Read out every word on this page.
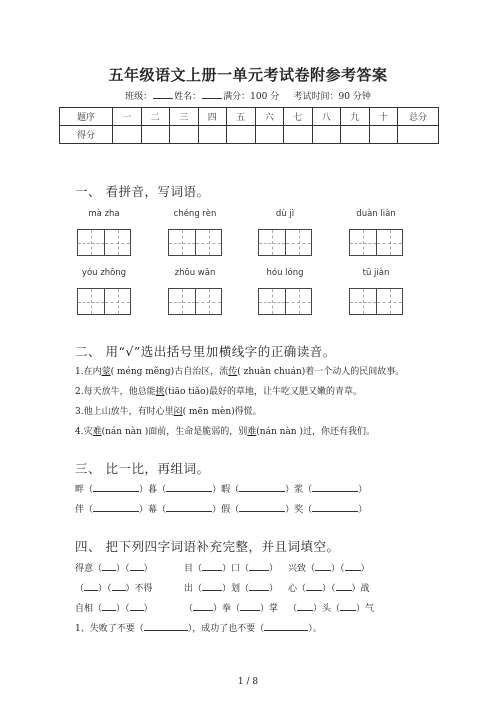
五年级语文上册一单元考试卷附参考答案
班级： 姓名： 满分：100 分 考试时间：90 分钟
题序	一	二	三	四	五	六	七	八	九	十	总分
得分											
一、 看拼音，写词语。
mà zha	chéng rèn	dù jì	duàn liàn
yóu zhōng	zhǒu wǎn	hóu lóng	tū jiàn
二、 用“√”选出括号里加横线字的正确读音。
1.在内蒙( méng měng)古自治区，流传( zhuàn chuán)着一个动人的民间故事。
2.每天放牛，他总能挑(tiāo tiǎo)最好的草地，让牛吃又肥又嫩的青草。
3.他上山放牛，有时心里闷( mēn mèn)得慌。
4.灾难(nán nàn )面前，生命是脆弱的，别难(nán nàn )过，你还有我们。
三、 比一比，再组词。
畔（	）暮（	）暇（	）浆（	）
伴（	）幕（	）假（	）奖（	）
四、 把下列四字词语补充完整，并且词填空。
得意（ ）（ ）	目（ ）口（ ） 兴致（ ）（ ）
（ ）（ ）不得	出（ ）划（ ） 心（ ）（ ）战
自相（ ）（ ）	（ ）拳（ ）掌 （ ）头（ ）气
1、失败了不要（	），成功了也不要（	）。
1 / 8
